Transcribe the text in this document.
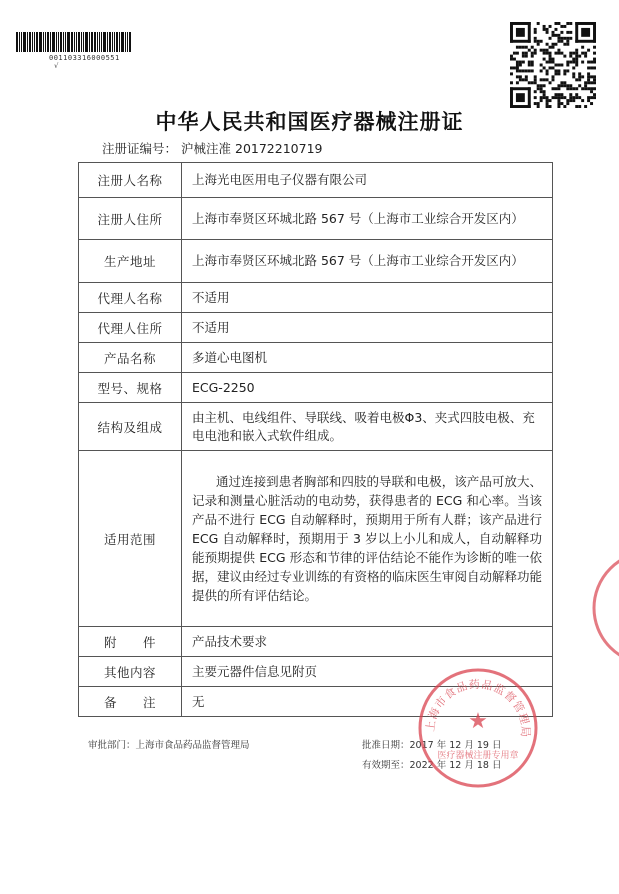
001103316000551
√
中华人民共和国医疗器械注册证
注册证编号： 沪械注准 20172210719
注册人名称	上海光电医用电子仪器有限公司
注册人住所	上海市奉贤区环城北路 567 号（上海市工业综合开发区内）
生产地址	上海市奉贤区环城北路 567 号（上海市工业综合开发区内）
代理人名称	不适用
代理人住所	不适用
产品名称	多道心电图机
型号、规格	ECG-2250
结构及组成	由主机、电线组件、导联线、吸着电极Φ3、夹式四肢电极、充电电池和嵌入式软件组成。
适用范围	通过连接到患者胸部和四肢的导联和电极，该产品可放大、记录和测量心脏活动的电动势，获得患者的 ECG 和心率。当该产品不进行 ECG 自动解释时，预期用于所有人群；该产品进行 ECG 自动解释时，预期用于 3 岁以上小儿和成人，自动解释功能预期提供 ECG 形态和节律的评估结论不能作为诊断的唯一依据，建议由经过专业训练的有资格的临床医生审阅自动解释功能提供的所有评估结论。
附　　件	产品技术要求
其他内容	主要元器件信息见附页
备　　注	无
审批部门：上海市食品药品监督管理局	批准日期：2017 年 12 月 19 日
有效期至：2022 年 12 月 18 日
上海市食品药品监督管理局
★
医疗器械注册专用章
